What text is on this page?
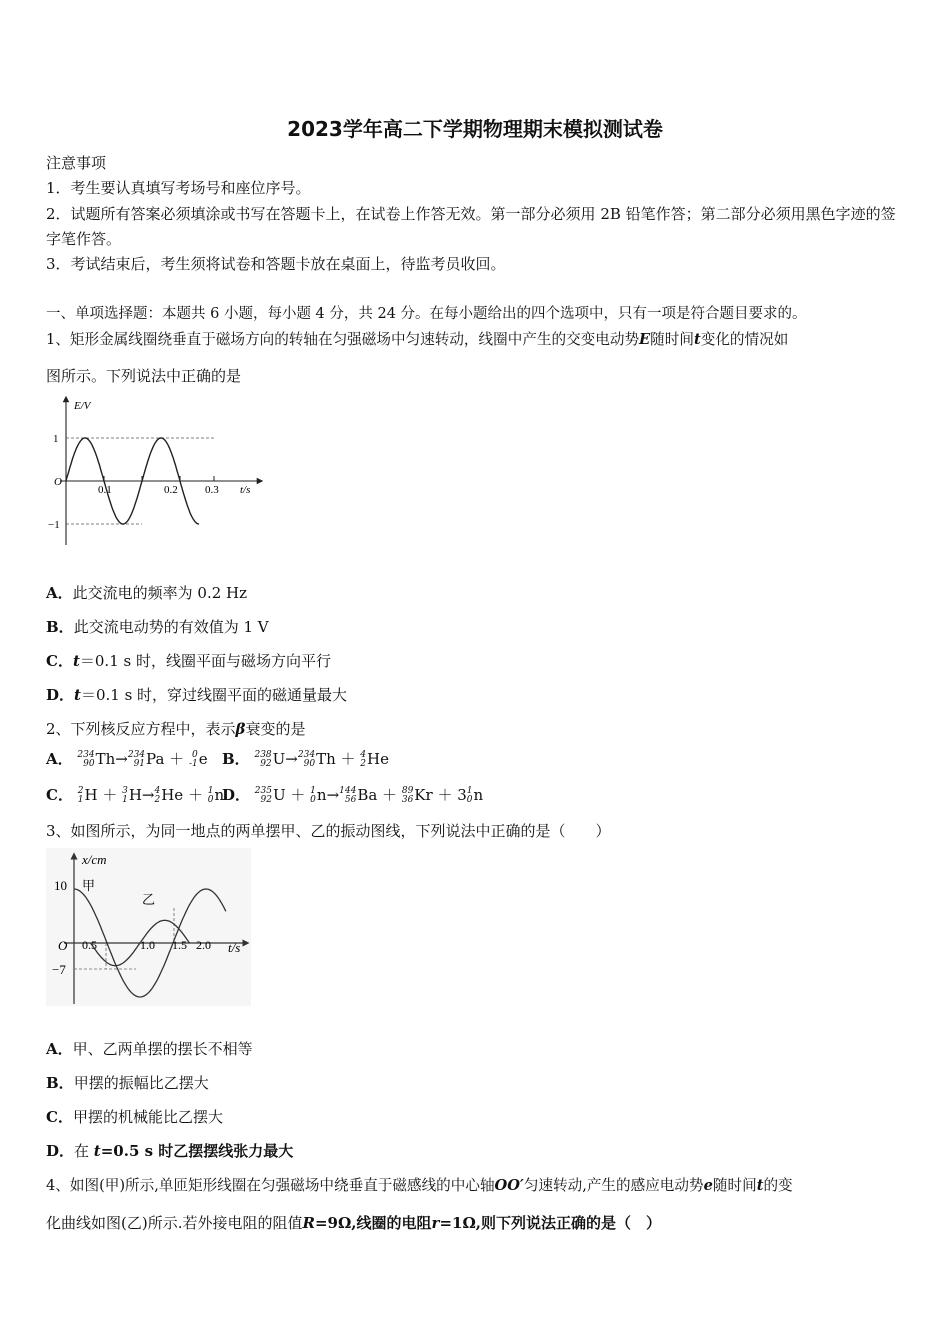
2023学年高二下学期物理期末模拟测试卷
注意事项
1．考生要认真填写考场号和座位序号。
2．试题所有答案必须填涂或书写在答题卡上，在试卷上作答无效。第一部分必须用 2B 铅笔作答；第二部分必须用黑色字迹的签字笔作答。
3．考试结束后，考生须将试卷和答题卡放在桌面上，待监考员收回。
一、单项选择题：本题共 6 小题，每小题 4 分，共 24 分。在每小题给出的四个选项中，只有一项是符合题目要求的。
1、矩形金属线圈绕垂直于磁场方向的转轴在匀强磁场中匀速转动，线圈中产生的交变电动势E随时间t变化的情况如
图所示。下列说法中正确的是
E/V
t/s
O
1
−1
0.1	0.2 0.3
A．此交流电的频率为 0.2 Hz
B．此交流电动势的有效值为 1 V
C．t＝0.1 s 时，线圈平面与磁场方向平行
D．t＝0.1 s 时，穿过线圈平面的磁通量最大
2、下列核反应方程中，表示β衰变的是
A． 234
90Th→234
91Pa ＋ 0
-1e B． 238
92U→234
90Th ＋ 4
2He
C． 2
1H ＋ 3
1H→4
2He ＋ 1
0n
D． 235
92U ＋ 1
0n→144
56Ba ＋ 89
36Kr ＋ 31
0n
3、如图所示，为同一地点的两单摆甲、乙的振动图线，下列说法中正确的是（　　）
x/cm
t/s
O
10
−7
甲
乙
0.5	1.0 1.5 2.0
A．甲、乙两单摆的摆长不相等
B．甲摆的振幅比乙摆大
C．甲摆的机械能比乙摆大
D．在 t=0.5 s 时乙摆摆线张力最大
4、如图(甲)所示,单匝矩形线圈在匀强磁场中绕垂直于磁感线的中心轴OO′匀速转动,产生的感应电动势e随时间t的变
化曲线如图(乙)所示.若外接电阻的阻值R=9Ω,线圈的电阻r=1Ω,则下列说法正确的是（　）
